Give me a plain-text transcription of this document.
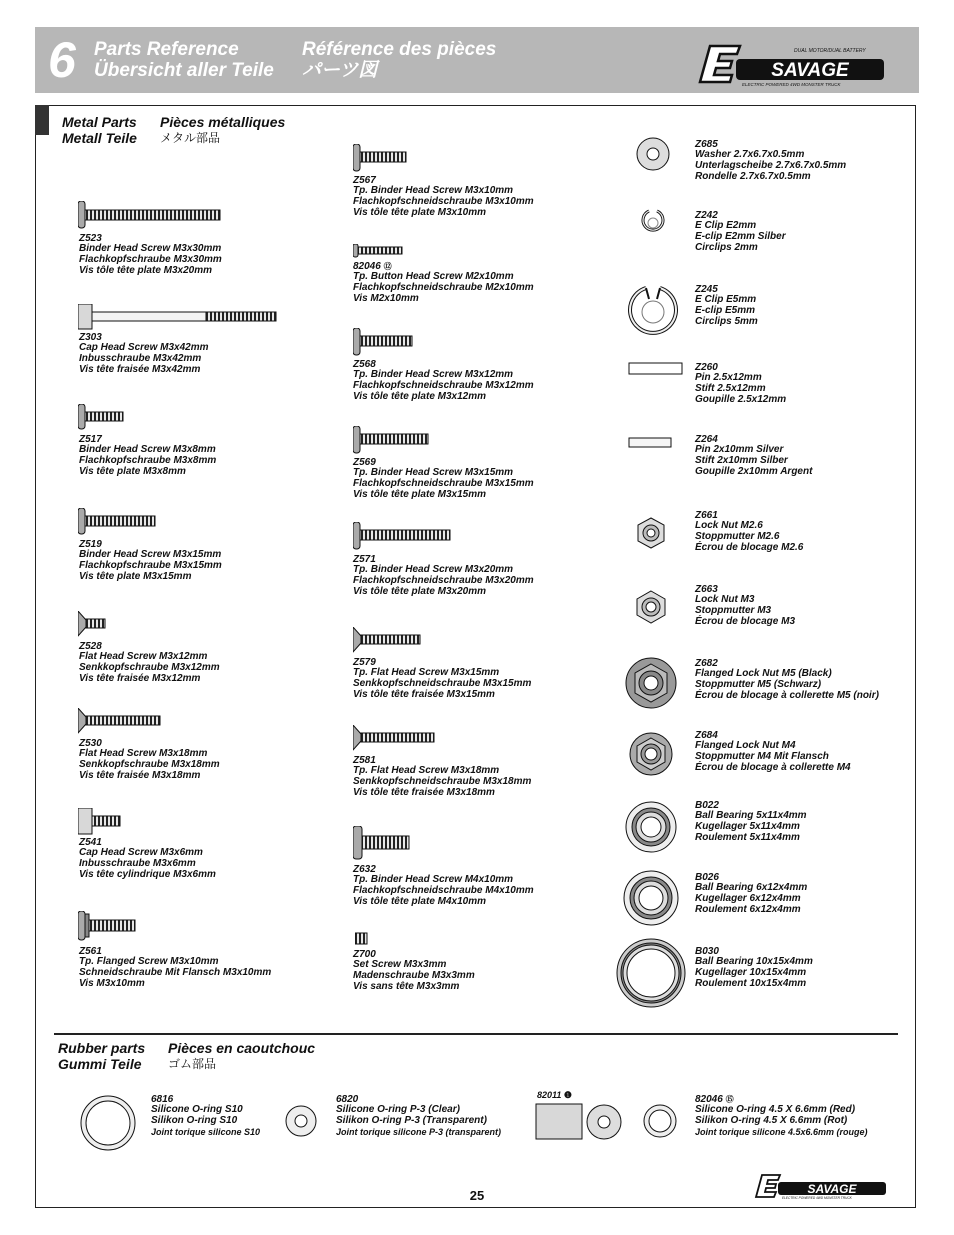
6 Parts Reference
Übersicht aller Teile
Référence des pièces
パーツ図	SAVAGE
DUAL MOTOR/DUAL BATTERY
ELECTRIC POWERED 4WD MONSTER TRUCK
Metal Parts Pièces métalliques
Metall Teile メタル部品
Z523
Binder Head Screw M3x30mm
Flachkopfschraube M3x30mm
Vis tôle tête plate M3x20mm
Z303
Cap Head Screw M3x42mm
Inbusschraube M3x42mm
Vis tête fraisée M3x42mm
Z517
Binder Head Screw M3x8mm
Flachkopfschraube M3x8mm
Vis tête plate M3x8mm
Z519
Binder Head Screw M3x15mm
Flachkopfschraube M3x15mm
Vis tête plate M3x15mm
Z528
Flat Head Screw M3x12mm
Senkkopfschraube M3x12mm
Vis tête fraisée M3x12mm
Z530
Flat Head Screw M3x18mm
Senkkopfschraube M3x18mm
Vis tête fraisée M3x18mm
Z541
Cap Head Screw M3x6mm
Inbusschraube M3x6mm
Vis tête cylindrique M3x6mm
Z561
Tp. Flanged Screw M3x10mm
Schneidschraube Mit Flansch M3x10mm
Vis M3x10mm
Z567
Tp. Binder Head Screw M3x10mm
Flachkopfschneidschraube M3x10mm
Vis tôle tête plate M3x10mm
82046 ⑫
Tp. Button Head Screw M2x10mm
Flachkopfschneidschraube M2x10mm
Vis M2x10mm
Z568
Tp. Binder Head Screw M3x12mm
Flachkopfschneidschraube M3x12mm
Vis tôle tête plate M3x12mm
Z569
Tp. Binder Head Screw M3x15mm
Flachkopfschneidschraube M3x15mm
Vis tôle tête plate M3x15mm
Z571
Tp. Binder Head Screw M3x20mm
Flachkopfschneidschraube M3x20mm
Vis tôle tête plate M3x20mm
Z579
Tp. Flat Head Screw M3x15mm
Senkkopfschneidschraube M3x15mm
Vis tôle tête fraisée M3x15mm
Z581
Tp. Flat Head Screw M3x18mm
Senkkopfschneidschraube M3x18mm
Vis tôle tête fraisée M3x18mm
Z632
Tp. Binder Head Screw M4x10mm
Flachkopfschneidschraube M4x10mm
Vis tôle tête plate M4x10mm
Z700
Set Screw M3x3mm
Madenschraube M3x3mm
Vis sans tête M3x3mm
Z685
Washer 2.7x6.7x0.5mm
Unterlagscheibe 2.7x6.7x0.5mm
Rondelle 2.7x6.7x0.5mm
Z242
E Clip E2mm
E-clip E2mm Silber
Circlips 2mm
Z245
E Clip E5mm
E-clip E5mm
Circlips 5mm
Z260
Pin 2.5x12mm
Stift 2.5x12mm
Goupille 2.5x12mm
Z264
Pin 2x10mm Silver
Stift 2x10mm Silber
Goupille 2x10mm Argent
Z661
Lock Nut M2.6
Stoppmutter M2.6
Écrou de blocage M2.6
Z663
Lock Nut M3
Stoppmutter M3
Écrou de blocage M3
Z682
Flanged Lock Nut M5 (Black)
Stoppmutter M5 (Schwarz)
Écrou de blocage à collerette M5 (noir)
Z684
Flanged Lock Nut M4
Stoppmutter M4 Mit Flansch
Écrou de blocage à collerette M4
B022
Ball Bearing 5x11x4mm
Kugellager 5x11x4mm
Roulement 5x11x4mm
B026
Ball Bearing 6x12x4mm
Kugellager 6x12x4mm
Roulement 6x12x4mm
B030
Ball Bearing 10x15x4mm
Kugellager 10x15x4mm
Roulement 10x15x4mm
Rubber parts Pièces en caoutchouc
Gummi Teile ゴム部品
6816
Silicone O-ring S10
Silikon O-ring S10
Joint torique silicone S10
6820
Silicone O-ring P-3 (Clear)
Silikon O-ring P-3 (Transparent)
Joint torique silicone P-3 (transparent)
82011 ❶	82046 ⑮
Silicone O-ring 4.5 X 6.6mm (Red)
Silikon O-ring 4.5 X 6.6mm (Rot)
Joint torique silicone 4.5x6.6mm (rouge)
25	SAVAGE
ELECTRIC POWERED 4WD MONSTER TRUCK
